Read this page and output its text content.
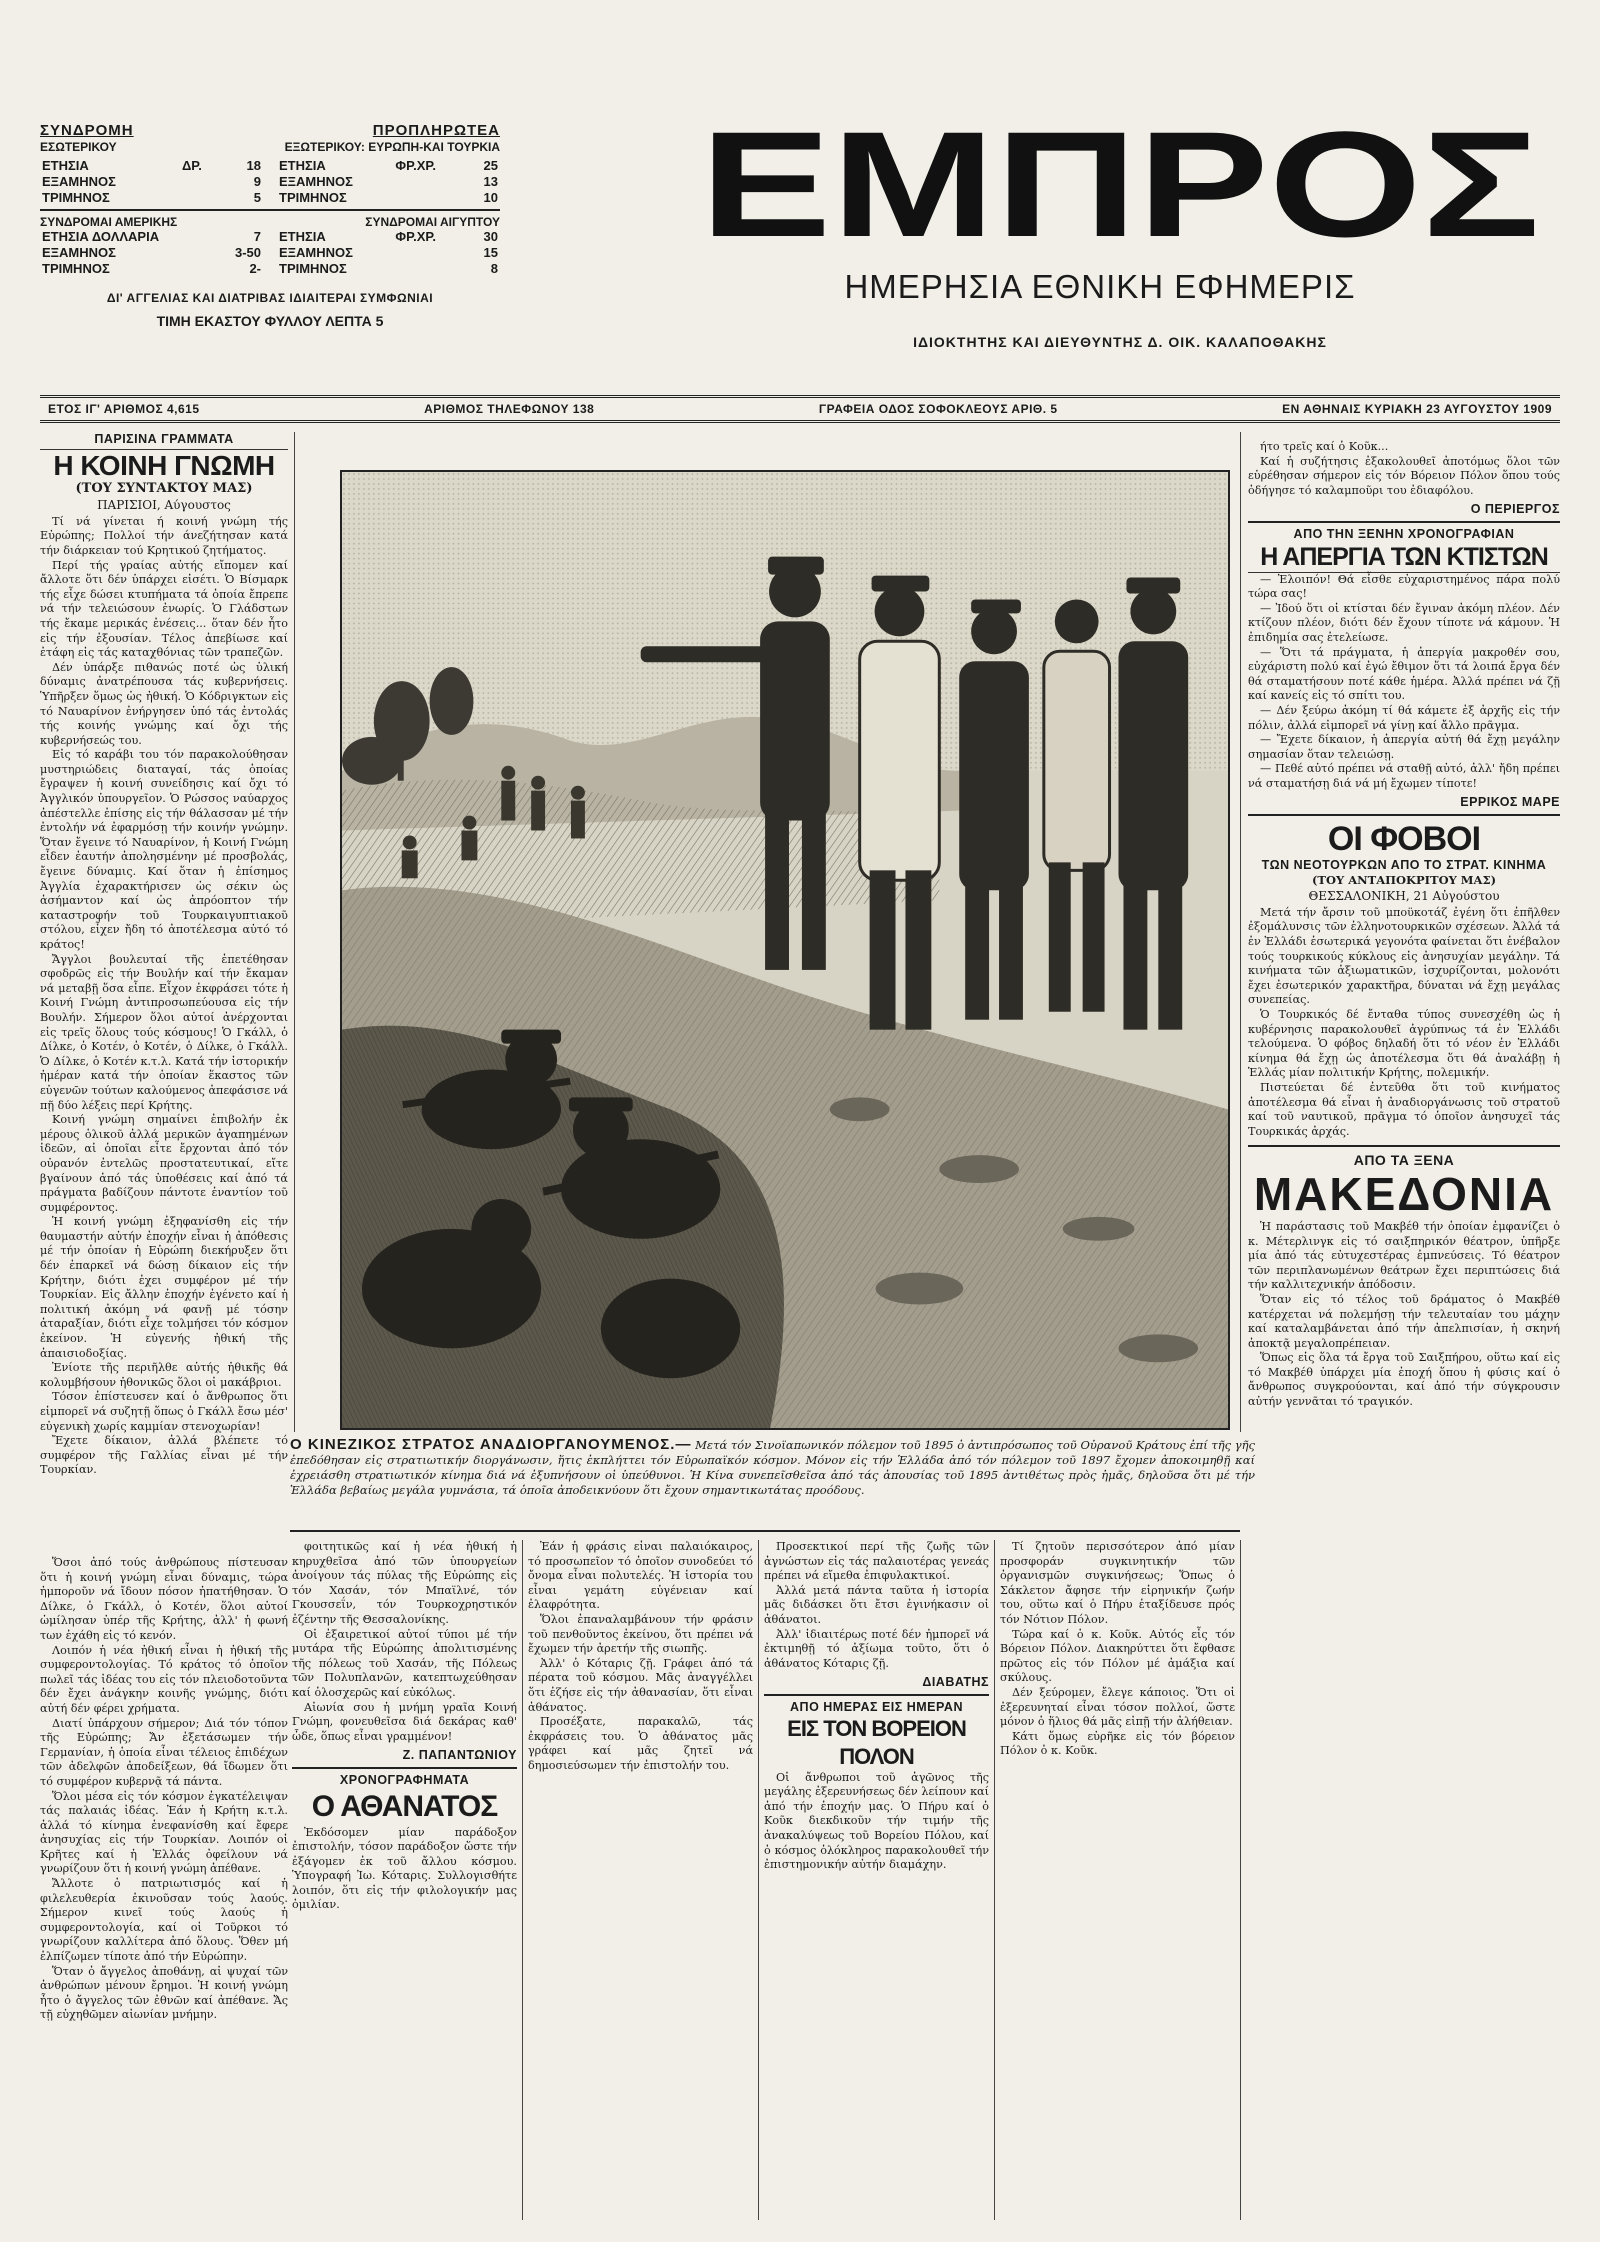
ΣΥΝΔΡΟΜΗ	ΠΡΟΠΛΗΡΩΤΕΑ
ΕΣΩΤΕΡΙΚΟΥ	ΕΞΩΤΕΡΙΚΟΥ: ΕΥΡΩΠΗ-ΚΑΙ ΤΟΥΡΚΙΑ
ΕΤΗΣΙΑ	ΔΡ.	18
ΕΞΑΜΗΝΟΣ		9
ΤΡΙΜΗΝΟΣ		5
ΕΤΗΣΙΑ	ΦΡ.ΧΡ.	25
ΕΞΑΜΗΝΟΣ		13
ΤΡΙΜΗΝΟΣ		10
ΣΥΝΔΡΟΜΑΙ ΑΜΕΡΙΚΗΣ	ΣΥΝΔΡΟΜΑΙ ΑΙΓΥΠΤΟΥ
ΕΤΗΣΙΑ ΔΟΛΛΑΡΙΑ	7
ΕΞΑΜΗΝΟΣ	3-50
ΤΡΙΜΗΝΟΣ	2-
ΕΤΗΣΙΑ	ΦΡ.ΧΡ.	30
ΕΞΑΜΗΝΟΣ		15
ΤΡΙΜΗΝΟΣ		8
ΔΙ' ΑΓΓΕΛΙΑΣ ΚΑΙ ΔΙΑΤΡΙΒΑΣ ΙΔΙΑΙΤΕΡΑΙ ΣΥΜΦΩΝΙΑΙ
ΤΙΜΗ ΕΚΑΣΤΟΥ ΦΥΛΛΟΥ ΛΕΠΤΑ 5
ΕΜΠΡΟΣ
ΗΜΕΡΗΣΙΑ ΕΘΝΙΚΗ ΕΦΗΜΕΡΙΣ
ΙΔΙΟΚΤΗΤΗΣ ΚΑΙ ΔΙΕΥΘΥΝΤΗΣ Δ. ΟΙΚ. ΚΑΛΑΠΟΘΑΚΗΣ
ΕΤΟΣ ΙΓ' ΑΡΙΘΜΟΣ 4,615	ΑΡΙΘΜΟΣ ΤΗΛΕΦΩΝΟΥ 138	ΓΡΑΦΕΙΑ ΟΔΟΣ ΣΟΦΟΚΛΕΟΥΣ ΑΡΙΘ. 5	ΕΝ ΑΘΗΝΑΙΣ ΚΥΡΙΑΚΗ 23 ΑΥΓΟΥΣΤΟΥ 1909
ΠΑΡΙΣΙΝΑ ΓΡΑΜΜΑΤΑ
Η ΚΟΙΝΗ ΓΝΩΜΗ
(ΤΟΥ ΣΥΝΤΑΚΤΟΥ ΜΑΣ)
ΠΑΡΙΣΙΟΙ, Αύγουστος

Τί νά γίνεται ή κοινή γνώμη τής Εὐρώπης; Πολλοί τήν άνεζήτησαν κατά τήν διάρκειαν τού Κρητικού ζητήματος.

Περί τής γραίας αὐτής εἴπομεν καί ἄλλοτε ὅτι δέν ὑπάρχει εἰσέτι. Ὁ Βίσμαρκ τής εἶχε δώσει κτυπήματα τά ὁποία ἔπρεπε νά τήν τελειώσουν ἐνωρίς. Ὁ Γλάδστων τής ἔκαμε μερικάς ἐνέσεις... ὅταν δέν ἦτο εἰς τήν ἐξουσίαν. Τέλος ἀπεβίωσε καί ἐτάφη εἰς τάς καταχθόνιας τῶν τραπεζῶν.

Δέν ὑπάρξε πιθανώς ποτέ ὡς ὑλική δύναμις ἀνατρέπουσα τάς κυβερνήσεις. Ὑπῆρξεν ὅμως ὡς ἠθική. Ὁ Κόδριγκτων εἰς τό Ναυαρίνον ἐνήργησεν ὑπό τάς ἐντολάς τής κοινής γνώμης καί ὄχι τής κυβερνήσεώς του.

Εἰς τό καράβι του τόν παρακολούθησαν μυστηριώδεις διαταγαί, τάς ὁποίας ἔγραψεν ἡ κοινή συνείδησις καί ὄχι τό Ἀγγλικόν ὑπουργεῖον. Ὁ Ρώσσος ναύαρχος ἀπέστελλε ἐπίσης εἰς τήν θάλασσαν μέ τήν ἐντολήν νά ἐφαρμόσῃ τήν κοινήν γνώμην. Ὅταν ἔγεινε τό Ναυαρίνον, ἡ Κοινή Γνώμη εἶδεν ἐαυτήν ἀπολησμένην μέ προσβολάς, ἔγεινε δύναμις. Καί ὅταν ἡ ἐπίσημος Ἀγγλία ἐχαρακτήρισεν ὡς σέκιν ὡς ἀσήμαντον καί ὡς ἀπρόοπτον τήν καταστροφήν τοῦ Τουρκαιγυπτιακοῦ στόλου, εἶχεν ἤδη τό ἀποτέλεσμα αὐτό τό κράτος!

Ἄγγλοι βουλευταί τῆς ἐπετέθησαν σφοδρῶς εἰς τήν Βουλήν καί τήν ἔκαμαν νά μεταβῇ ὅσα εἶπε. Εἶχον ἐκφράσει τότε ἡ Κοινή Γνώμη ἀντιπροσωπεύουσα εἰς τήν Βουλήν. Σήμερον ὅλοι αὐτοί ἀνέρχονται εἰς τρεῖς ὅλους τούς κόσμους! Ὁ Γκάλλ, ὁ Δίλκε, ὁ Κοτέν, ὁ Κοτέν, ὁ Δίλκε, ὁ Γκάλλ. Ὁ Δίλκε, ὁ Κοτέν κ.τ.λ. Κατά τήν ἱστορικήν ἡμέραν κατά τήν ὁποίαν ἕκαστος τῶν εὐγενῶν τούτων καλούμενος ἀπεφάσισε νά πῇ δύο λέξεις περί Κρήτης.

Κοινή γνώμη σημαίνει ἐπιβολήν ἐκ μέρους ὁλικοῦ ἀλλά μερικῶν ἀγαπημένων ἰδεῶν, αἱ ὁποῖαι εἶτε ἔρχονται ἀπό τόν οὐρανόν ἐντελῶς προστατευτικαί, εἴτε βγαίνουν ἀπό τάς ὑποθέσεις καί ἀπό τά πράγματα βαδίζουν πάντοτε ἐναντίον τοῦ συμφέροντος.

Ἡ κοινή γνώμη ἐξηφανίσθη εἰς τήν θαυμαστήν αὐτήν ἐποχήν εἶναι ἡ ἀπόθεσις μέ τήν ὁποίαν ἡ Εὐρώπη διεκήρυξεν ὅτι δέν ἐπαρκεῖ νά δώσῃ δίκαιον εἰς τήν Κρήτην, διότι ἐχει συμφέρον μέ τήν Τουρκίαν. Εἰς ἄλλην ἐποχήν ἐγένετο καί ἡ πολιτική ἀκόμη νά φανῇ μέ τόσην ἀταραξίαν, διότι εἶχε τολμήσει τόν κόσμον ἐκείνον. Ἡ εὐγενής ἠθική τῆς ἀπαισιοδοξίας.

Ἐνίοτε τῆς περιῆλθε αὐτής ἠθικῆς θά κολυμβήσουν ἠθονικῶς ὅλοι οἱ μακάβριοι.

Τόσον ἐπίστευσεν καί ὁ ἄνθρωπος ὅτι εἰμπορεῖ νά συζητῇ ὅπως ὁ Γκάλλ ἔσω μέσ' εὐγενικὴ χωρίς καμμίαν στενοχωρίαν!

Ἔχετε δίκαιον, ἀλλά βλέπετε τό συμφέρον τῆς Γαλλίας εἶναι μέ τήν Τουρκίαν.

Ὅσοι ἀπό τούς ἀνθρώπους πίστευσαν ὅτι ἡ κοινή γνώμη εἶναι δύναμις, τώρα ἠμποροῦν νά ἴδουν πόσον ἠπατήθησαν. Ὁ Δίλκε, ὁ Γκάλλ, ὁ Κοτέν, ὅλοι αὐτοί ὡμίλησαν ὑπέρ τῆς Κρήτης, ἀλλ' ἡ φωνή των ἐχάθη εἰς τό κενόν.

Λοιπόν ἡ νέα ἠθική εἶναι ἡ ἠθική τῆς συμφεροντολογίας. Τό κράτος τό ὁποῖον πωλεῖ τάς ἰδέας του εἰς τόν πλειοδοτοῦντα δέν ἔχει ἀνάγκην κοινῆς γνώμης, διότι αὐτή δέν φέρει χρήματα.

Διατί ὑπάρχουν σήμερον; Διά τόν τόπον τῆς Εὐρώπης; Ἄν ἐξετάσωμεν τήν Γερμανίαν, ἡ ὁποία εἶναι τέλειος ἐπιδέχων τῶν ἀδελφῶν ἀποδείξεων, θά ἴδωμεν ὅτι τό συμφέρον κυβερνᾷ τά πάντα.

Ὅλοι μέσα εἰς τόν κόσμον ἐγκατέλειψαν τάς παλαιάς ἰδέας. Ἐάν ἡ Κρήτη κ.τ.λ. ἀλλά τό κίνημα ἐνεφανίσθη καί ἔφερε ἀνησυχίας εἰς τήν Τουρκίαν. Λοιπόν οἱ Κρῆτες καί ἡ Ἑλλάς ὀφείλουν νά γνωρίζουν ὅτι ἡ κοινή γνώμη ἀπέθανε.

Ἄλλοτε ὁ πατριωτισμός καί ἡ φιλελευθερία ἐκινοῦσαν τούς λαούς. Σήμερον κινεῖ τούς λαούς ἡ συμφεροντολογία, καί οἱ Τοῦρκοι τό γνωρίζουν καλλίτερα ἀπό ὅλους. Ὅθεν μή ἐλπίζωμεν τίποτε ἀπό τήν Εὐρώπην.

Ὅταν ὁ ἄγγελος ἀποθάνῃ, αἱ ψυχαί τῶν ἀνθρώπων μένουν ἔρημοι. Ἡ κοινή γνώμη ἦτο ὁ ἄγγελος τῶν ἐθνῶν καί ἀπέθανε. Ἄς τῇ εὐχηθῶμεν αἰωνίαν μνήμην.

Ο ΚΙΝΕΖΙΚΟΣ ΣΤΡΑΤΟΣ ΑΝΑΔΙΟΡΓΑΝΟΥΜΕΝΟΣ.— Μετά τόν Σινοϊαπωνικόν πόλεμον τοῦ 1895 ὁ ἀντιπρόσωπος τοῦ Οὐρανοῦ Κράτους ἐπί τῆς γῆς ἐπεδόθησαν εἰς στρατιωτικήν διοργάνωσιν, ἥτις ἐκπλήττει τόν Εὐρωπαϊκόν κόσμον. Μόνον εἰς τήν Ἑλλάδα ἀπό τόν πόλεμον τοῦ 1897 ἔχομεν ἀποκοιμηθῇ καί ἐχρειάσθη στρατιωτικόν κίνημα διά νά ἐξυπνήσουν οἱ ὑπεύθυνοι. Ἡ Κίνα συνεπεῖσθεῖσα ἀπό τάς ἀπουσίας τοῦ 1895 ἀντιθέτως πρὸς ἡμᾶς, δηλοῦσα ὅτι μέ τήν Ἑλλάδα βεβαίως μεγάλα γυμνάσια, τά ὁποῖα ἀποδεικνύουν ὅτι ἔχουν σημαντικωτάτας προόδους.

ήτο τρεῖς καί ὁ Κοῦκ...

Καί ἡ συζήτησις ἐξακολουθεῖ ἀποτόμως ὅλοι τῶν εὑρέθησαν σήμερον εἰς τόν Βόρειον Πόλον ὅπου τούς ὁδήγησε τό καλαμποῦρι του ἐδιαφόλου.

Ο ΠΕΡΙΕΡΓΟΣ
ΑΠΟ ΤΗΝ ΞΕΝΗΝ ΧΡΟΝΟΓΡΑΦΙΑΝ
Η ΑΠΕΡΓΙΑ ΤΩΝ ΚΤΙΣΤΩΝ

— Ἐλοιπόν! Θά εἶσθε εὐχαριστημένος πάρα πολύ τώρα σας!

— Ἰδού ὅτι οἱ κτίσται δέν ἔγιναν ἀκόμη πλέον. Δέν κτίζουν πλέον, διότι δέν ἔχουν τίποτε νά κάμουν. Ἡ ἐπιδημία σας ἐτελείωσε.

— Ὅτι τά πράγματα, ἡ ἀπεργία μακροθέν σου, εὐχάριστη πολύ καί ἐγώ ἔθιμον ὅτι τά λοιπά ἔργα δέν θά σταματήσουν ποτέ κάθε ἡμέρα. Ἀλλά πρέπει νά ζῇ καί κανείς εἰς τό σπίτι του.

— Δέν ξεύρω ἀκόμη τί θά κάμετε ἐξ ἀρχῆς εἰς τήν πόλιν, ἀλλά εἰμπορεῖ νά γίνῃ καί ἄλλο πρᾶγμα.

— Ἔχετε δίκαιον, ἡ ἀπεργία αὐτή θά ἔχῃ μεγάλην σημασίαν ὅταν τελειώσῃ.

— Πεθέ αὐτό πρέπει νά σταθῇ αὐτό, ἀλλ' ἤδη πρέπει νά σταματήσῃ διά νά μή ἔχωμεν τίποτε!

ΕΡΡΙΚΟΣ ΜΑΡΕ
ΟΙ ΦΟΒΟΙ
ΤΩΝ ΝΕΟΤΟΥΡΚΩΝ ΑΠΟ ΤΟ ΣΤΡΑΤ. ΚΙΝΗΜΑ
(ΤΟΥ ΑΝΤΑΠΟΚΡΙΤΟΥ ΜΑΣ)
ΘΕΣΣΑΛΟΝΙΚΗ, 21 Αὐγούστου

Μετά τήν ἄρσιν τοῦ μποϋκοτάζ ἐγένη ὅτι ἐπῆλθεν ἐξομάλυνσις τῶν ἑλληνοτουρκικῶν σχέσεων. Ἀλλά τά ἐν Ἑλλάδι ἐσωτερικά γεγονότα φαίνεται ὅτι ἐνέβαλον τούς τουρκικούς κύκλους εἰς ἀνησυχίαν μεγάλην. Τά κινήματα τῶν ἀξιωματικῶν, ἰσχυρίζονται, μολονότι ἔχει ἐσωτερικόν χαρακτῆρα, δύναται νά ἔχῃ μεγάλας συνεπείας.

Ὁ Τουρκικός δέ ἔνταθα τύπος συνεσχέθη ὡς ἡ κυβέρνησις παρακολουθεῖ ἀγρύπνως τά ἐν Ἑλλάδι τελούμενα. Ὁ φόβος δηλαδή ὅτι τό νέον ἐν Ἑλλάδι κίνημα θά ἔχῃ ὡς ἀποτέλεσμα ὅτι θά ἀναλάβῃ ἡ Ἑλλάς μίαν πολιτικήν Κρήτης, πολεμικήν.

Πιστεύεται δέ ἐντεῦθα ὅτι τοῦ κινήματος ἀποτέλεσμα θά εἶναι ἡ ἀναδιοργάνωσις τοῦ στρατοῦ καί τοῦ ναυτικοῦ, πρᾶγμα τό ὁποῖον ἀνησυχεῖ τάς Τουρκικάς ἀρχάς.

ΑΠΟ ΤΑ ΞΕΝΑ
ΜΑΚΕΔΟΝΙΑ

Ἡ παράστασις τοῦ Μακβέθ τήν ὁποίαν ἐμφανίζει ὁ κ. Μέτερλινγκ εἰς τό σαιξπηρικόν θέατρον, ὑπῆρξε μία ἀπό τάς εὐτυχεστέρας ἐμπνεύσεις. Τό θέατρον τῶν περιπλανωμένων θεάτρων ἔχει περιπτώσεις διά τήν καλλιτεχνικήν ἀπόδοσιν.

Ὅταν εἰς τό τέλος τοῦ δράματος ὁ Μακβέθ κατέρχεται νά πολεμήσῃ τήν τελευταίαν του μάχην καί καταλαμβάνεται ἀπό τήν ἀπελπισίαν, ἡ σκηνή ἀποκτᾷ μεγαλοπρέπειαν.

Ὅπως εἰς ὅλα τά ἔργα τοῦ Σαιξπήρου, οὕτω καί εἰς τό Μακβέθ ὑπάρχει μία ἐποχή ὅπου ἡ φύσις καί ὁ ἄνθρωπος συγκρούονται, καί ἀπό τήν σύγκρουσιν αὐτήν γεννᾶται τό τραγικόν.

φοιτητικῶς καί ἡ νέα ἠθική ἡ κηρυχθεῖσα ἀπό τῶν ὑπουργείων ἀνοίγουν τάς πύλας τῆς Εὐρώπης εἰς τόν Χασάν, τόν Μπαϊλνέ, τόν Γκουσσεΐν, τόν Τουρκοχρηστικόν ἐζέντην τῆς Θεσσαλονίκης.

Οἱ ἐξαιρετικοί αὐτοί τύποι μέ τήν μυτάρα τῆς Εὐρώπης ἀπολιτισμένης τῆς πόλεως τοῦ Χασάν, τῆς Πόλεως τῶν Πολυπλανῶν, κατεπτωχεύθησαν καί ὁλοσχερῶς καί εὐκόλως.

Αἰωνία σου ἡ μνήμη γραῖα Κοινή Γνώμη, φονευθεῖσα διά δεκάρας καθ' ὧδε, ὅπως εἶναι γραμμένον!

Ζ. ΠΑΠΑΝΤΩΝΙΟΥ
ΧΡΟΝΟΓΡΑΦΗΜΑΤΑ
Ο ΑΘΑΝΑΤΟΣ

Ἐκδόσομεν μίαν παράδοξον ἐπιστολήν, τόσον παράδοξον ὥστε τήν ἐξάγομεν ἐκ τοῦ ἄλλου κόσμου. Ὑπογραφή Ἰω. Κόταρις. Συλλογισθήτε λοιπόν, ὅτι εἰς τήν φιλολογικήν μας ὁμιλίαν.

Ἐάν ἡ φράσις εἶναι παλαιόκαιρος, τό προσωπεῖον τό ὁποῖον συνοδεύει τό ὄνομα εἶναι πολυτελές. Ἡ ἱστορία του εἶναι γεμάτη εὐγένειαν καί ἐλαφρότητα.

Ὅλοι ἐπαναλαμβάνουν τήν φράσιν τοῦ πενθοῦντος ἐκείνου, ὅτι πρέπει νά ἔχωμεν τήν ἀρετήν τῆς σιωπῆς.

Ἀλλ' ὁ Κόταρις ζῇ. Γράφει ἀπό τά πέρατα τοῦ κόσμου. Μᾶς ἀναγγέλλει ὅτι ἐζήσε εἰς τήν ἀθανασίαν, ὅτι εἶναι ἀθάνατος.

Προσέξατε, παρακαλῶ, τάς ἐκφράσεις του. Ὁ ἀθάνατος μᾶς γράφει καί μᾶς ζητεῖ νά δημοσιεύσωμεν τήν ἐπιστολήν του.

Προσεκτικοί περί τῆς ζωῆς τῶν ἀγνώστων εἰς τάς παλαιοτέρας γενεάς πρέπει νά εἴμεθα ἐπιφυλακτικοί.

Ἀλλά μετά πάντα ταῦτα ἡ ἱστορία μᾶς διδάσκει ὅτι ἔτσι ἐγινήκασιν οἱ ἀθάνατοι.

Ἀλλ' ἰδιαιτέρως ποτέ δέν ἠμπορεῖ νά ἐκτιμηθῇ τό ἀξίωμα τοῦτο, ὅτι ὁ ἀθάνατος Κόταρις ζῇ.

ΔΙΑΒΑΤΗΣ
ΑΠΟ ΗΜΕΡΑΣ ΕΙΣ ΗΜΕΡΑΝ
ΕΙΣ ΤΟΝ ΒΟΡΕΙΟΝ ΠΟΛΟΝ

Οἱ ἄνθρωποι τοῦ ἀγῶνος τῆς μεγάλης ἐξερευνήσεως δέν λείπουν καί ἀπό τήν ἐποχήν μας. Ὁ Πήρυ καί ὁ Κοῦκ διεκδικοῦν τήν τιμήν τῆς ἀνακαλύψεως τοῦ Βορείου Πόλου, καί ὁ κόσμος ὁλόκληρος παρακολουθεῖ τήν ἐπιστημονικήν αὐτήν διαμάχην.

Τί ζητοῦν περισσότερον ἀπό μίαν προσφοράν συγκινητικήν τῶν ὀργανισμῶν συγκινήσεως; Ὅπως ὁ Σάκλετον ἄφησε τήν εἰρηνικήν ζωήν του, οὕτω καί ὁ Πήρυ ἐταξίδευσε πρός τόν Νότιον Πόλον.

Τώρα καί ὁ κ. Κοῦκ. Αὐτός εἶς τόν Βόρειον Πόλον. Διακηρύττει ὅτι ἔφθασε πρῶτος εἰς τόν Πόλον μέ ἀμάξια καί σκύλους.

Δέν ξεύρομεν, ἔλεγε κάποιος. Ὅτι οἱ ἐξερευνηταί εἶναι τόσον πολλοί, ὥστε μόνον ὁ ἥλιος θά μᾶς εἰπῇ τήν ἀλήθειαν.

Κάτι ὅμως εὑρῆκε εἰς τόν βόρειον Πόλον ὁ κ. Κοῦκ.
